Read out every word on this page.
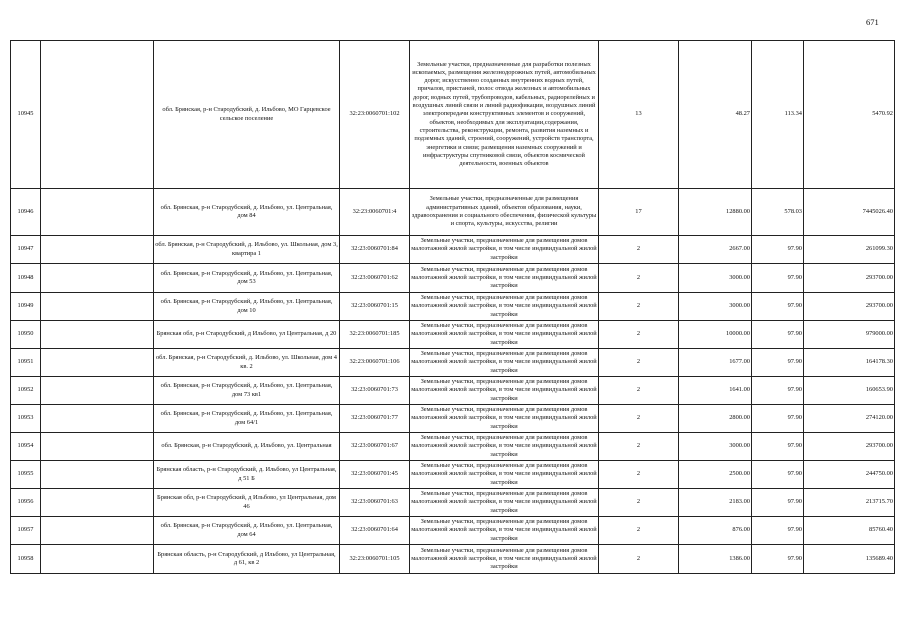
671
10945		обл. Брянская, р-н Стародубский, д. Ильбово, МО Гарцевское сельское поселение	32:23:0060701:102	Земельные участки, предназначенные для разработки полезных ископаемых, размещения железнодорожных путей, автомобильных дорог, искусственно созданных внутренних водных путей, причалов, пристаней, полос отвода железных и автомобильных дорог, водных путей, трубопроводов, кабельных, радиорелейных и воздушных линий связи и линий радиофикации, воздушных линий электропередачи конструктивных элементов и сооружений, объектов, необходимых для эксплуатации,содержания, строительства, реконструкции, ремонта, развития наземных и подземных зданий, строений, сооружений, устройств транспорта, энергетики и связи; размещения наземных сооружений и инфраструктуры спутниковой связи, объектов космической деятельности, военных объектов	13	48.27	113.34	5470.92
10946		обл. Брянская, р-н Стародубский, д. Ильбово, ул. Центральная, дом 84	32:23:0060701:4	Земельные участки, предназначенные для размещения административных зданий, объектов образования, науки, здравоохранения и социального обеспечения, физической культуры и спорта, культуры, искусства, религии	17	12880.00	578.03	7445026.40
10947		обл. Брянская, р-н Стародубский, д. Ильбово, ул. Школьная, дом 3, квартира 1	32:23:0060701:84	Земельные участки, предназначенные для размещения домов малоэтажной жилой застройки, в том числе индивидуальной жилой застройки	2	2667.00	97.90	261099.30
10948		обл. Брянская, р-н Стародубский, д. Ильбово, ул. Центральная, дом 53	32:23:0060701:62	Земельные участки, предназначенные для размещения домов малоэтажной жилой застройки, в том числе индивидуальной жилой застройки	2	3000.00	97.90	293700.00
10949		обл. Брянская, р-н Стародубский, д. Ильбово, ул. Центральная, дом 10	32:23:0060701:15	Земельные участки, предназначенные для размещения домов малоэтажной жилой застройки, в том числе индивидуальной жилой застройки	2	3000.00	97.90	293700.00
10950		Брянская обл, р-н Стародубский, д Ильбово, ул Центральная, д 20	32:23:0060701:185	Земельные участки, предназначенные для размещения домов малоэтажной жилой застройки, в том числе индивидуальной жилой застройки	2	10000.00	97.90	979000.00
10951		обл. Брянская, р-н Стародубский, д. Ильбово, ул. Школьная, дом 4 кв. 2	32:23:0060701:106	Земельные участки, предназначенные для размещения домов малоэтажной жилой застройки, в том числе индивидуальной жилой застройки	2	1677.00	97.90	164178.30
10952		обл. Брянская, р-н Стародубский, д. Ильбово, ул. Центральная, дом 73 кв1	32:23:0060701:73	Земельные участки, предназначенные для размещения домов малоэтажной жилой застройки, в том числе индивидуальной жилой застройки	2	1641.00	97.90	160653.90
10953		обл. Брянская, р-н Стародубский, д. Ильбово, ул. Центральная, дом 64/1	32:23:0060701:77	Земельные участки, предназначенные для размещения домов малоэтажной жилой застройки, в том числе индивидуальной жилой застройки	2	2800.00	97.90	274120.00
10954		обл. Брянская, р-н Стародубский, д. Ильбово, ул. Центральная	32:23:0060701:67	Земельные участки, предназначенные для размещения домов малоэтажной жилой застройки, в том числе индивидуальной жилой застройки	2	3000.00	97.90	293700.00
10955		Брянская область, р-н Стародубский, д. Ильбово, ул Центральная, д 51 Б	32:23:0060701:45	Земельные участки, предназначенные для размещения домов малоэтажной жилой застройки, в том числе индивидуальной жилой застройки	2	2500.00	97.90	244750.00
10956		Брянская обл, р-н Стародубский, д Ильбово, ул Центральная, дом 46	32:23:0060701:63	Земельные участки, предназначенные для размещения домов малоэтажной жилой застройки, в том числе индивидуальной жилой застройки	2	2183.00	97.90	213715.70
10957		обл. Брянская, р-н Стародубский, д. Ильбово, ул. Центральная, дом 64	32:23:0060701:64	Земельные участки, предназначенные для размещения домов малоэтажной жилой застройки, в том числе индивидуальной жилой застройки	2	876.00	97.90	85760.40
10958		Брянская область, р-н Стародубский, д Ильбово, ул Центральная, д 61, кв 2	32:23:0060701:105	Земельные участки, предназначенные для размещения домов малоэтажной жилой застройки, в том числе индивидуальной жилой застройки	2	1386.00	97.90	135689.40
